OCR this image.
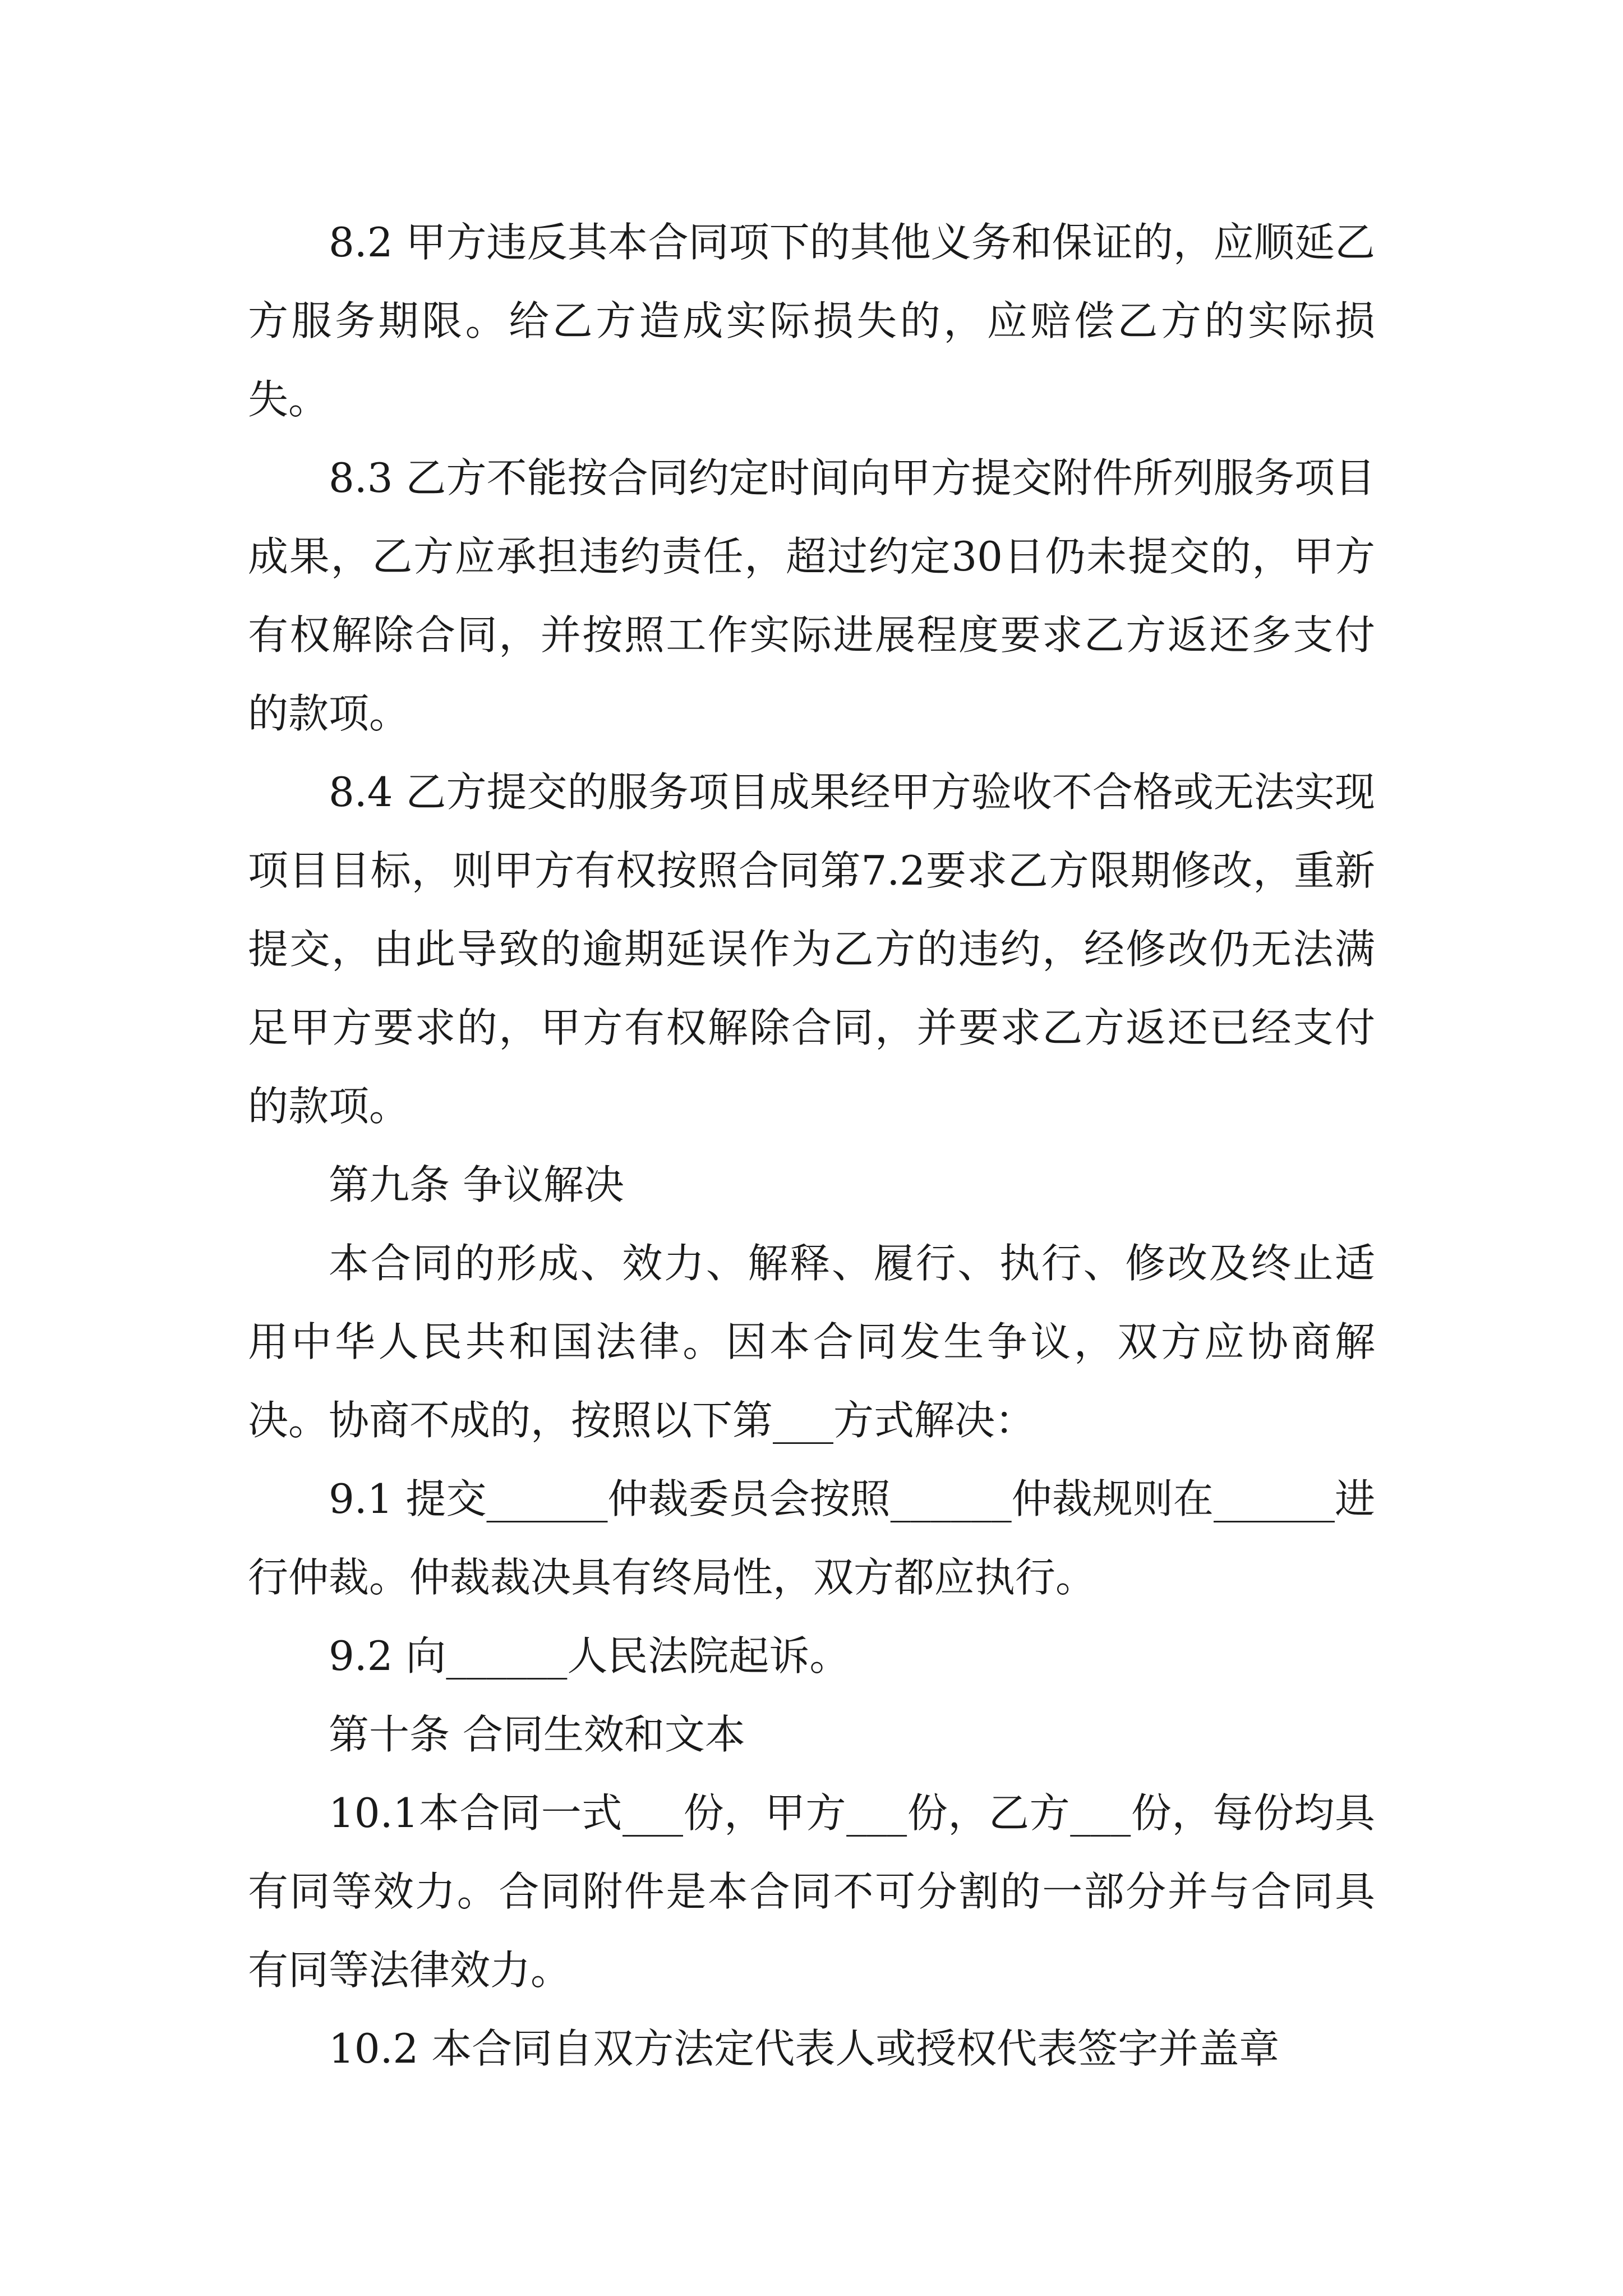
8.2 甲方违反其本合同项下的其他义务和保证的，应顺延乙方服务期限。给乙方造成实际损失的，应赔偿乙方的实际损失。

8.3 乙方不能按合同约定时间向甲方提交附件所列服务项目成果，乙方应承担违约责任，超过约定30日仍未提交的，甲方有权解除合同，并按照工作实际进展程度要求乙方返还多支付的款项。

8.4 乙方提交的服务项目成果经甲方验收不合格或无法实现项目目标，则甲方有权按照合同第7.2要求乙方限期修改，重新提交，由此导致的逾期延误作为乙方的违约，经修改仍无法满足甲方要求的，甲方有权解除合同，并要求乙方返还已经支付的款项。

第九条 争议解决

本合同的形成、效力、解释、履行、执行、修改及终止适用中华人民共和国法律。因本合同发生争议，双方应协商解决。协商不成的，按照以下第___方式解决：

9.1 提交______仲裁委员会按照______仲裁规则在______进行仲裁。仲裁裁决具有终局性，双方都应执行。

9.2 向______人民法院起诉。

第十条 合同生效和文本

10.1本合同一式___份，甲方___份，乙方___份，每份均具有同等效力。合同附件是本合同不可分割的一部分并与合同具有同等法律效力。

10.2 本合同自双方法定代表人或授权代表签字并盖章
